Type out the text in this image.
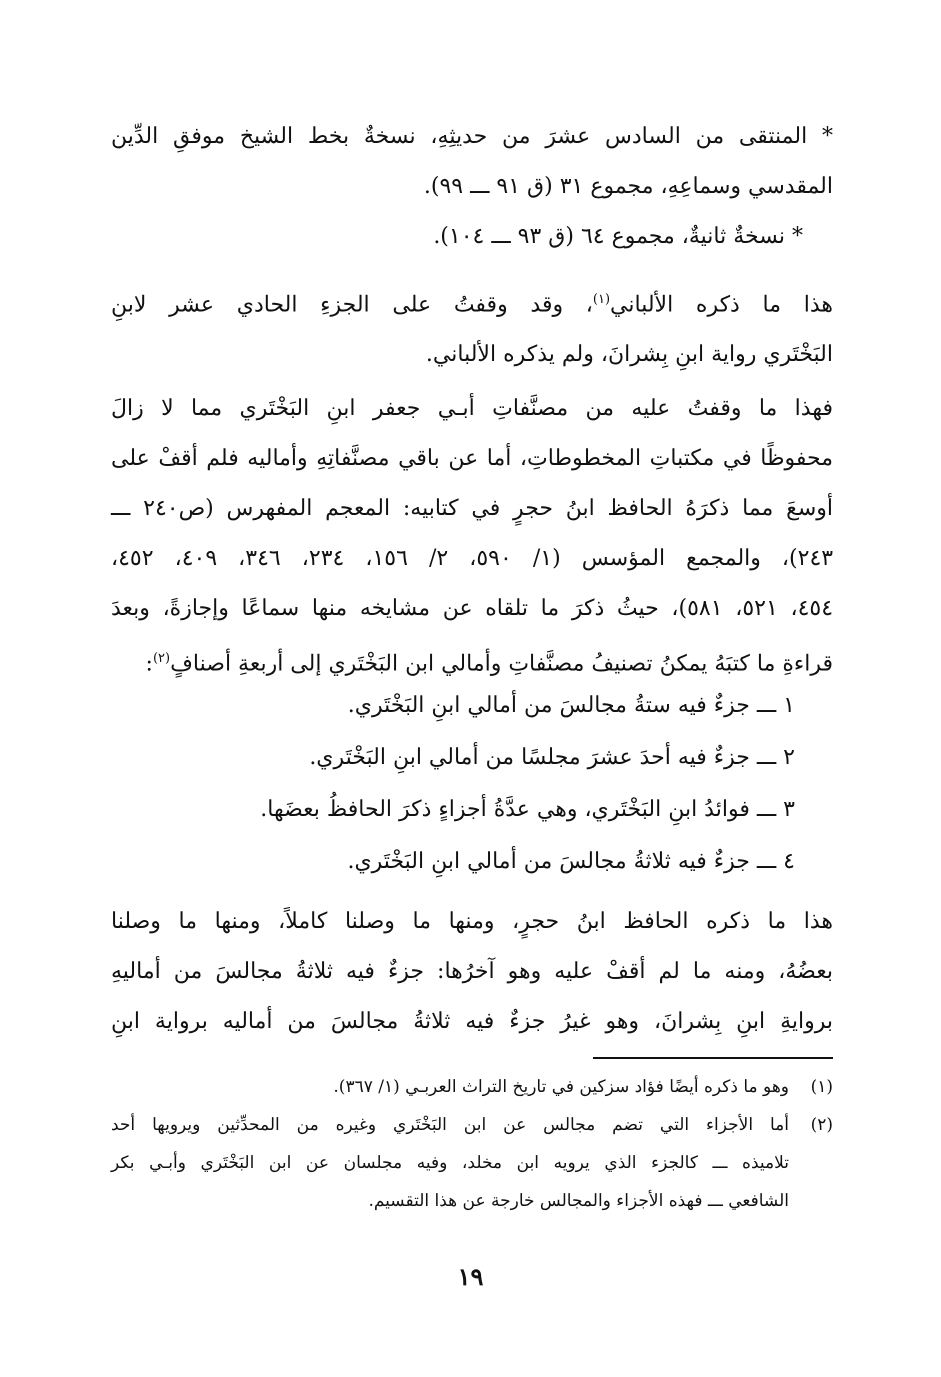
* المنتقى من السادس عشرَ من حديثِهِ، نسخةٌ بخط الشيخ موفقِ الدِّين
المقدسي وسماعِهِ، مجموع ٣١ (ق ٩١ ـــ ٩٩).
* نسخةٌ ثانيةٌ، مجموع ٦٤ (ق ٩٣ ـــ ١٠٤).
هذا ما ذكره الألباني$^{(١)}$، وقد وقفتُ على الجزءِ الحادي عشر لابنِ
البَخْتَري رواية ابنِ بِشرانَ، ولم يذكره الألباني.
فهذا ما وقفتُ عليه من مصنَّفاتِ أبـي جعفر ابنِ البَخْتَري مما لا زالَ
محفوظًا في مكتباتِ المخطوطاتِ، أما عن باقي مصنَّفاتِهِ وأماليه فلم أقفْ على
أوسعَ مما ذكرَهُ الحافظ ابنُ حجرٍ في كتابيه: المعجم المفهرس (ص٢٤٠ ـــ
٢٤٣)، والمجمع المؤسس (١/ ٥٩٠، ٢/ ١٥٦، ٢٣٤، ٣٤٦، ٤٠٩، ٤٥٢،
٤٥٤، ٥٢١، ٥٨١)، حيثُ ذكرَ ما تلقاه عن مشايخه منها سماعًا وإجازةً، وبعدَ
قراءةِ ما كتبَهُ يمكنُ تصنيفُ مصنَّفاتِ وأمالي ابن البَخْتَري إلى أربعةِ أصنافٍ$^{(٢)}$:
١ ـــ جزءٌ فيه ستةُ مجالسَ من أمالي ابنِ البَخْتَري.
٢ ـــ جزءٌ فيه أحدَ عشرَ مجلسًا من أمالي ابنِ البَخْتَري.
٣ ـــ فوائدُ ابنِ البَخْتَري، وهي عدَّةُ أجزاءٍ ذكرَ الحافظُ بعضَها.
٤ ـــ جزءٌ فيه ثلاثةُ مجالسَ من أمالي ابنِ البَخْتَري.
هذا ما ذكره الحافظ ابنُ حجرٍ، ومنها ما وصلنا كاملاً، ومنها ما وصلنا
بعضُهُ، ومنه ما لم أقفْ عليه وهو آخرُها: جزءٌ فيه ثلاثةُ مجالسَ من أماليهِ
بروايةِ ابنِ بِشرانَ، وهو غيرُ جزءٌ فيه ثلاثةُ مجالسَ من أماليه برواية ابنِ
(١)
وهو ما ذكره أيضًا فؤاد سزكين في تاريخ التراث العربـي (١/ ٣٦٧).
(٢)
أما الأجزاء التي تضم مجالس عن ابن البَخْتَري وغيره من المحدِّثين ويرويها أحد
تلاميذه ـــ كالجزء الذي يرويه ابن مخلد، وفيه مجلسان عن ابن البَخْتَري وأبـي بكر
الشافعي ـــ فهذه الأجزاء والمجالس خارجة عن هذا التقسيم.
١٩
